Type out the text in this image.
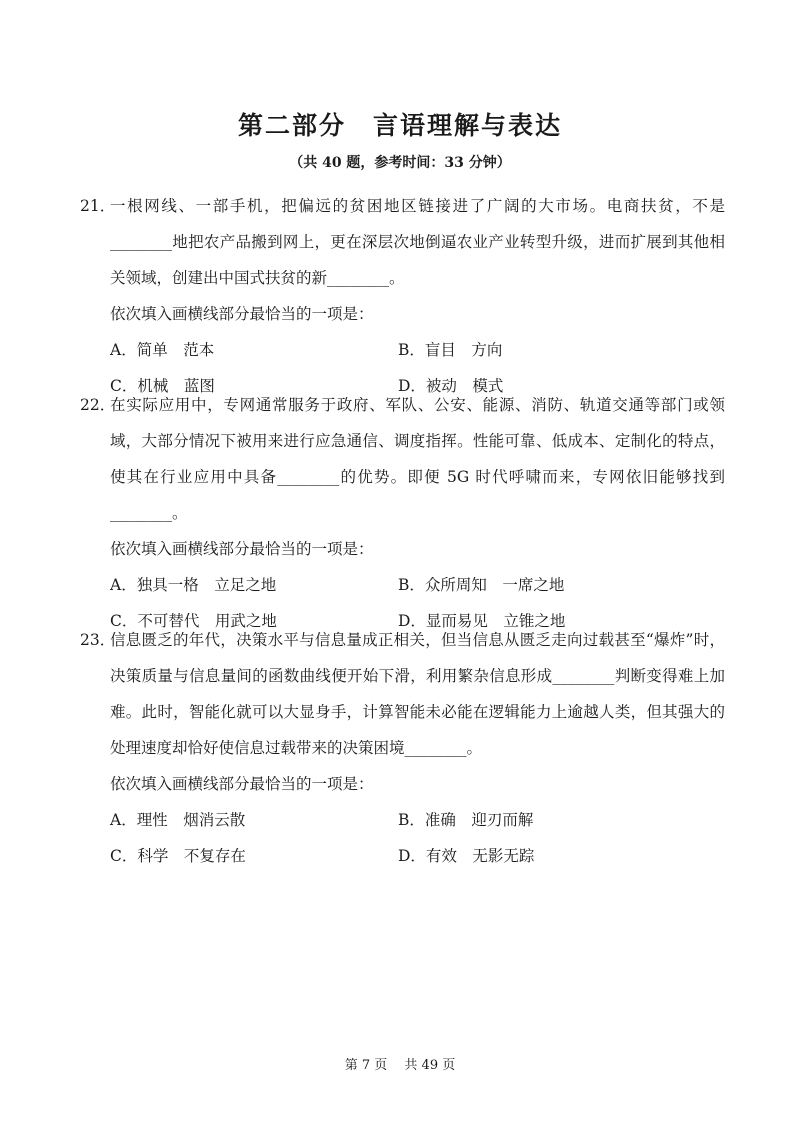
第二部分　言语理解与表达
（共 40 题，参考时间：33 分钟）
21．
一根网线、一部手机，把偏远的贫困地区链接进了广阔的大市场。电商扶贫，不是________地把农产品搬到网上，更在深层次地倒逼农业产业转型升级，进而扩展到其他相关领域，创建出中国式扶贫的新________。
依次填入画横线部分最恰当的一项是：
A．简单　范本	B．盲目　方向
C．机械　蓝图	D．被动　模式
22．
在实际应用中，专网通常服务于政府、军队、公安、能源、消防、轨道交通等部门或领域，大部分情况下被用来进行应急通信、调度指挥。性能可靠、低成本、定制化的特点，使其在行业应用中具备________的优势。即便 5G 时代呼啸而来，专网依旧能够找到________。
依次填入画横线部分最恰当的一项是：
A．独具一格　立足之地	B．众所周知　一席之地
C．不可替代　用武之地	D．显而易见　立锥之地
23．
信息匮乏的年代，决策水平与信息量成正相关，但当信息从匮乏走向过载甚至“爆炸”时，决策质量与信息量间的函数曲线便开始下滑，利用繁杂信息形成________判断变得难上加难。此时，智能化就可以大显身手，计算智能未必能在逻辑能力上逾越人类，但其强大的处理速度却恰好使信息过载带来的决策困境________。
依次填入画横线部分最恰当的一项是：
A．理性　烟消云散	B．准确　迎刃而解
C．科学　不复存在	D．有效　无影无踪
第 7 页　 共 49 页
